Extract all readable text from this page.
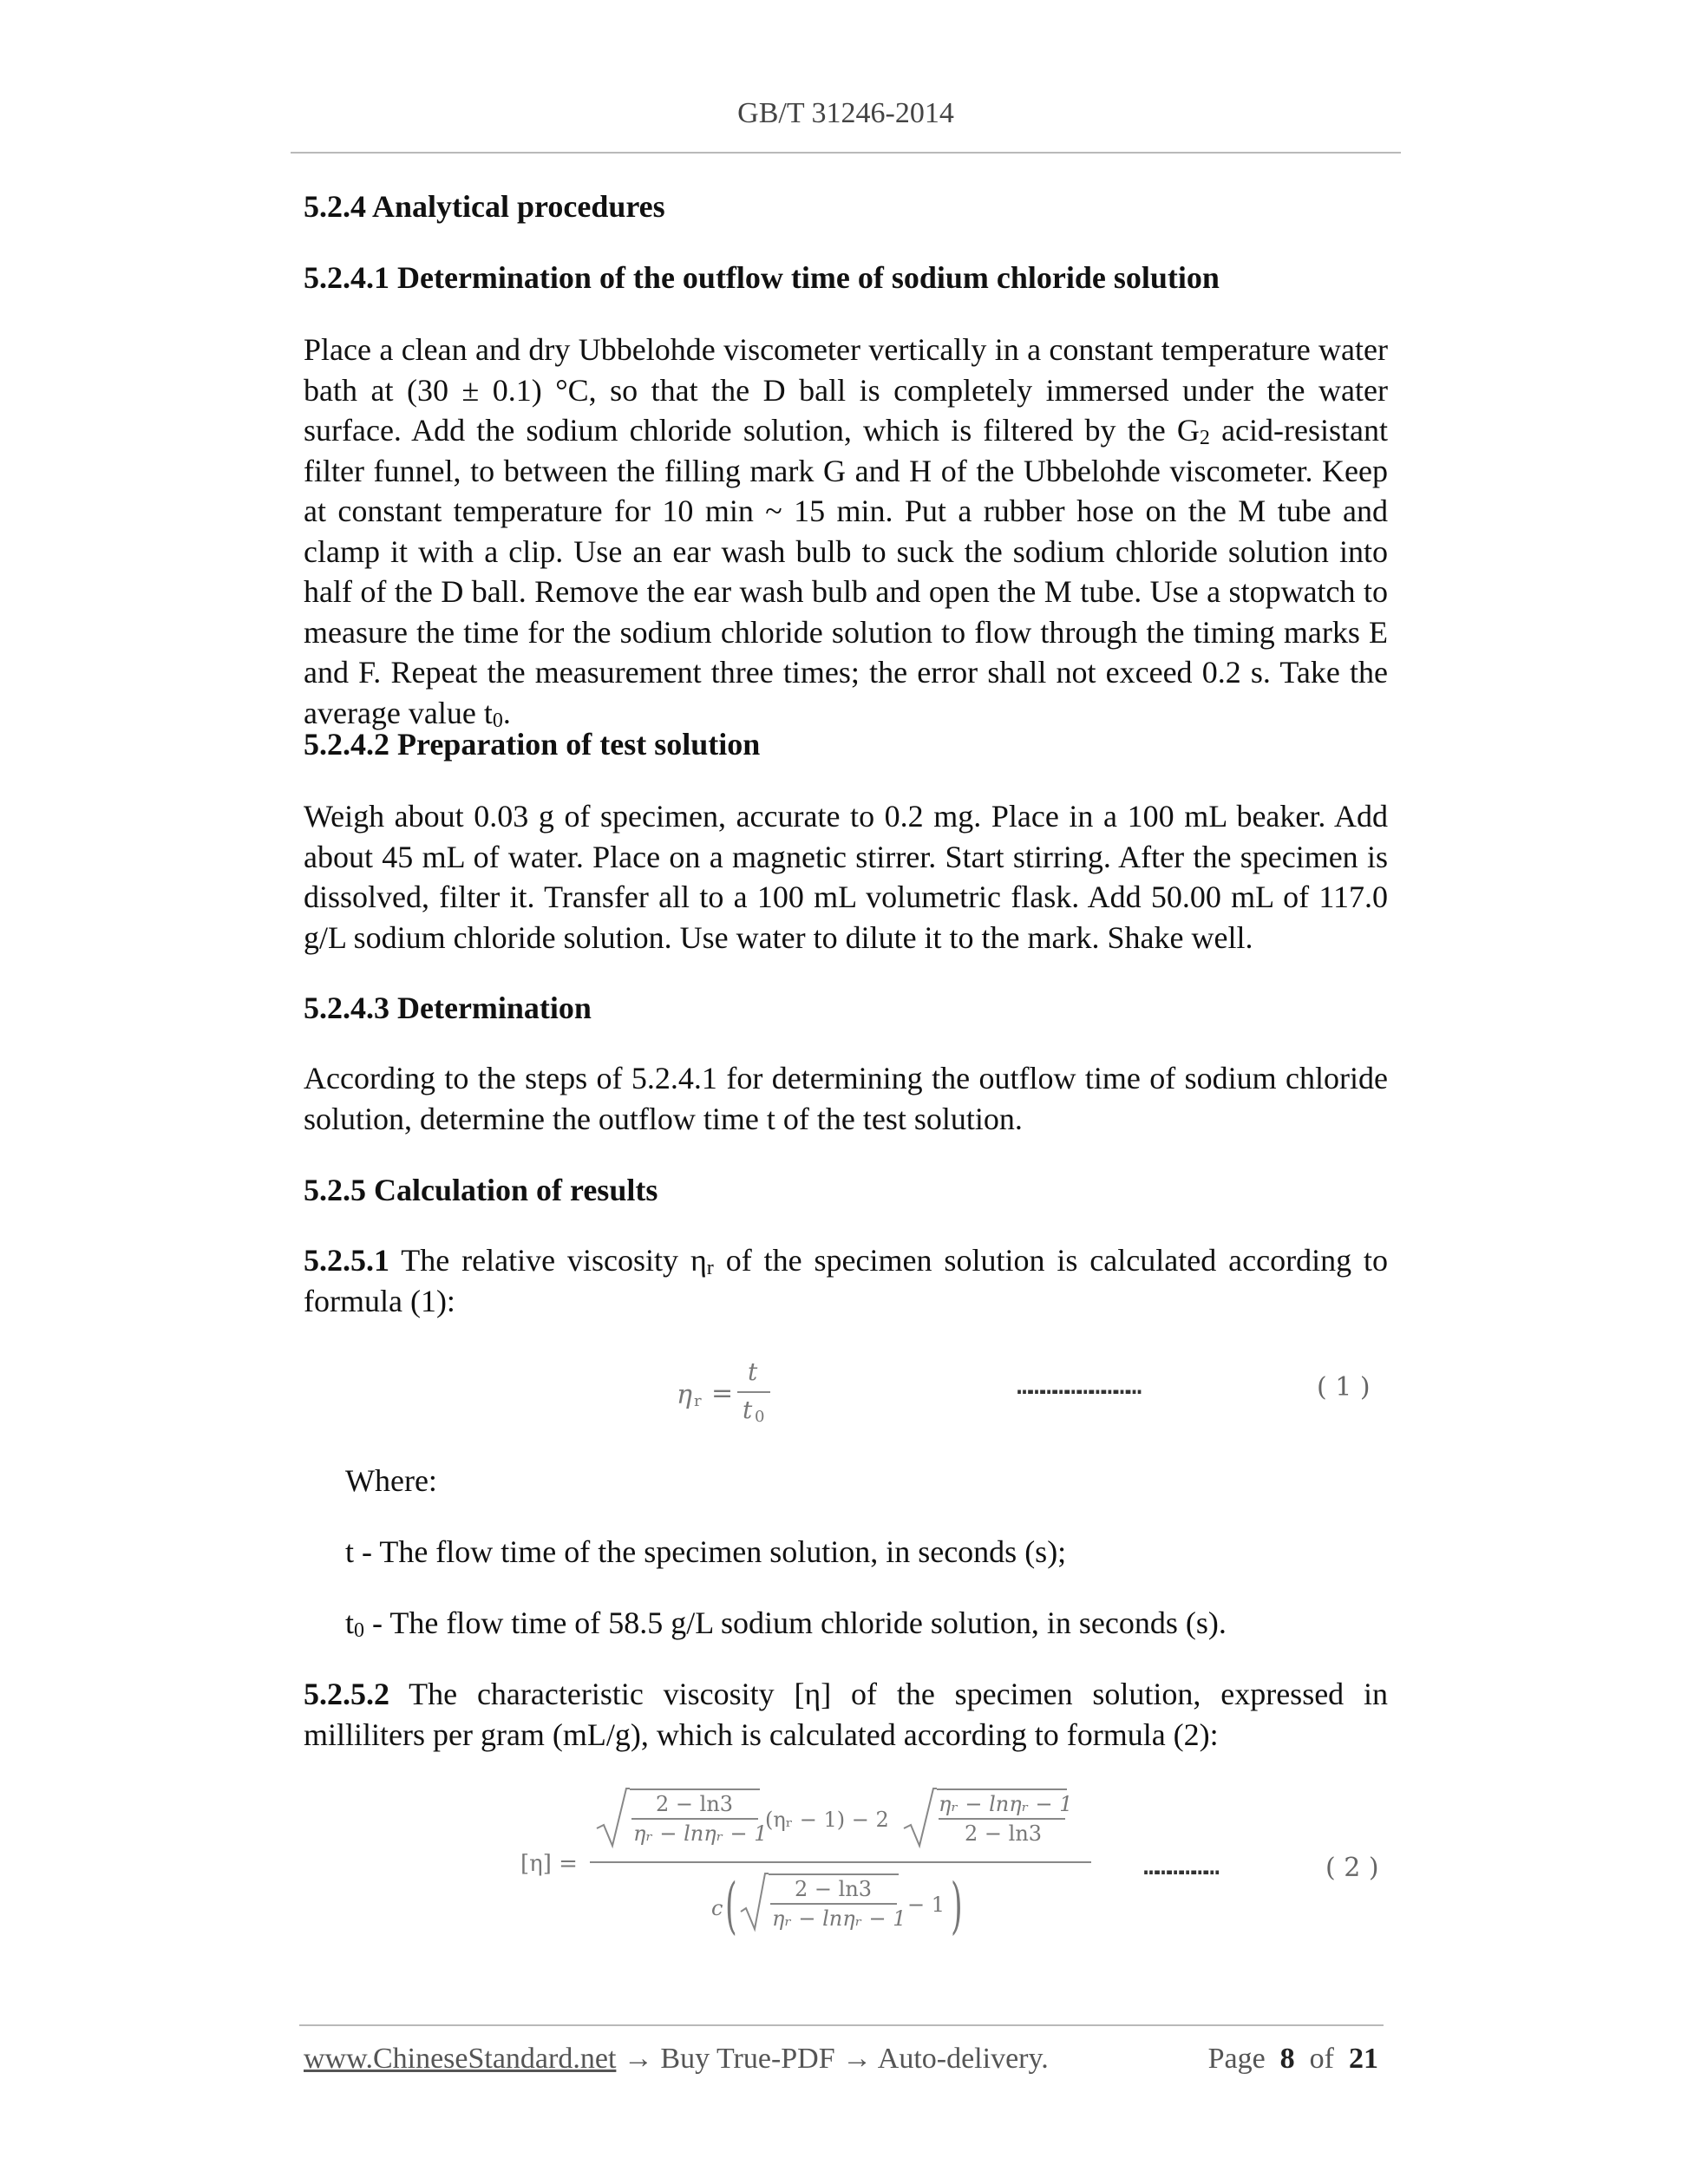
GB/T 31246-2014
5.2.4 Analytical procedures
5.2.4.1 Determination of the outflow time of sodium chloride solution

Place a clean and dry Ubbelohde viscometer vertically in a constant temperature water bath at (30 ± 0.1) °C, so that the D ball is completely immersed under the water surface. Add the sodium chloride solution, which is filtered by the $G_2$ acid-resistant filter funnel, to between the filling mark G and H of the Ubbelohde viscometer. Keep at constant temperature for 10 min ~ 15 min. Put a rubber hose on the M tube and clamp it with a clip. Use an ear wash bulb to suck the sodium chloride solution into half of the D ball. Remove the ear wash bulb and open the M tube. Use a stopwatch to measure the time for the sodium chloride solution to flow through the timing marks E and F. Repeat the measurement three times; the error shall not exceed 0.2 s. Take the average value $t_0$.

5.2.4.2 Preparation of test solution

Weigh about 0.03 g of specimen, accurate to 0.2 mg. Place in a 100 mL beaker. Add about 45 mL of water. Place on a magnetic stirrer. Start stirring. After the specimen is dissolved, filter it. Transfer all to a 100 mL volumetric flask. Add 50.00 mL of 117.0 g/L sodium chloride solution. Use water to dilute it to the mark. Shake well.

5.2.4.3 Determination

According to the steps of 5.2.4.1 for determining the outflow time of sodium chloride solution, determine the outflow time t of the test solution.

5.2.5 Calculation of results

5.2.5.1 The relative viscosity $\eta_r$ of the specimen solution is calculated according to formula (1):

η r =
t
t 0
…………………………	( 1 )

Where:

t - The flow time of the specimen solution, in seconds (s);

$t_0$ - The flow time of 58.5 g/L sodium chloride solution, in seconds (s).

5.2.5.2 The characteristic viscosity [η] of the specimen solution, expressed in milliliters per gram (mL/g), which is calculated according to formula (2):

[η] =
2 − ln3
ηᵣ − lnηᵣ − 1
(ηᵣ − 1) − 2
ηᵣ − lnηᵣ − 1
2 − ln3
c (	2 − ln3
ηᵣ − lnηᵣ − 1
− 1 )
………………	( 2 )
www.ChineseStandard.net → Buy True-PDF → Auto-delivery.	Page 8 of 21
